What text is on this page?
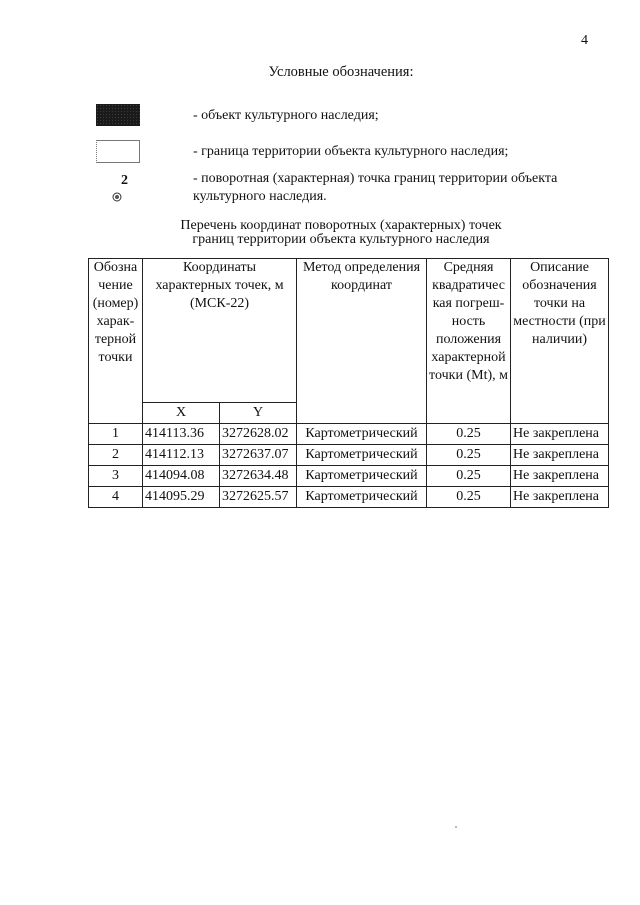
4
Условные обозначения:
- объект культурного наследия;
- граница территории объекта культурного наследия;
2	- поворотная (характерная) точка границ территории объекта культурного наследия.
Перечень координат поворотных (характерных) точек
границ территории объекта культурного наследия
Обозна чение (номер) харак- терной точки	Координаты характерных точек, м (МСК-22)		Метод определения координат	Средняя квадратичес кая погреш- ность положения характерной точки (Mt), м	Описание обозначения точки на местности (при наличии)
	X	Y			
1	414113.36	3272628.02	Картометрический	0.25	Не закреплена
2	414112.13	3272637.07	Картометрический	0.25	Не закреплена
3	414094.08	3272634.48	Картометрический	0.25	Не закреплена
4	414095.29	3272625.57	Картометрический	0.25	Не закреплена
